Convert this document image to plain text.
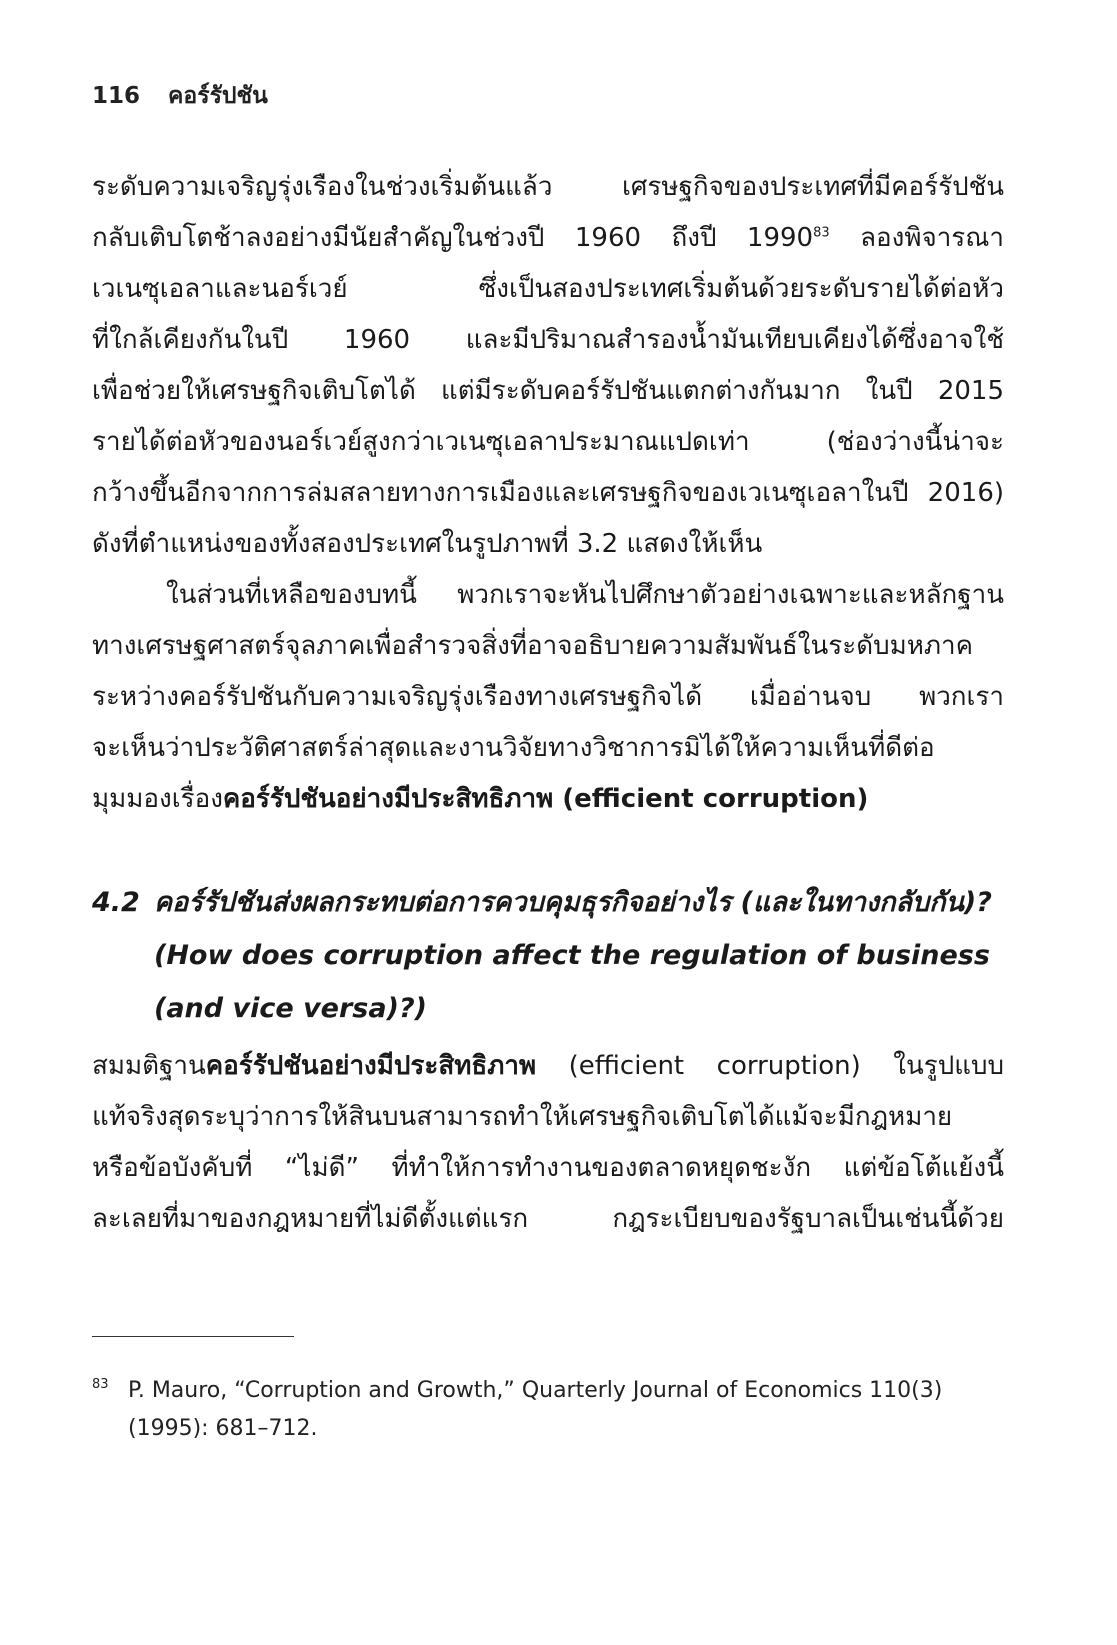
116 คอร์รัปชัน
ระดับความเจริญรุ่งเรืองในช่วงเริ่มต้นแล้ว เศรษฐกิจของประเทศที่มีคอร์รัปชัน
กลับเติบโตช้าลงอย่างมีนัยสำคัญในช่วงปี 1960 ถึงปี 1990$^{83}$ ลองพิจารณา
เวเนซุเอลาและนอร์เวย์ ซึ่งเป็นสองประเทศเริ่มต้นด้วยระดับรายได้ต่อหัว
ที่ใกล้เคียงกันในปี 1960 และมีปริมาณสำรองน้ำมันเทียบเคียงได้ซึ่งอาจใช้
เพื่อช่วยให้เศรษฐกิจเติบโตได้ แต่มีระดับคอร์รัปชันแตกต่างกันมาก ในปี 2015
รายได้ต่อหัวของนอร์เวย์สูงกว่าเวเนซุเอลาประมาณแปดเท่า (ช่องว่างนี้น่าจะ
กว้างขึ้นอีกจากการล่มสลายทางการเมืองและเศรษฐกิจของเวเนซุเอลาในปี 2016)
ดังที่ตำแหน่งของทั้งสองประเทศในรูปภาพที่ 3.2 แสดงให้เห็น
ในส่วนที่เหลือของบทนี้ พวกเราจะหันไปศึกษาตัวอย่างเฉพาะและหลักฐาน
ทางเศรษฐศาสตร์จุลภาคเพื่อสำรวจสิ่งที่อาจอธิบายความสัมพันธ์ในระดับมหภาค
ระหว่างคอร์รัปชันกับความเจริญรุ่งเรืองทางเศรษฐกิจได้ เมื่ออ่านจบ พวกเรา
จะเห็นว่าประวัติศาสตร์ล่าสุดและงานวิจัยทางวิชาการมิได้ให้ความเห็นที่ดีต่อ
มุมมองเรื่องคอร์รัปชันอย่างมีประสิทธิภาพ (efficient corruption)
4.2 คอร์รัปชันส่งผลกระทบต่อการควบคุมธุรกิจอย่างไร (และในทางกลับกัน)?
(How does corruption affect the regulation of business
(and vice versa)?)
สมมติฐานคอร์รัปชันอย่างมีประสิทธิภาพ (efficient corruption) ในรูปแบบ
แท้จริงสุดระบุว่าการให้สินบนสามารถทำให้เศรษฐกิจเติบโตได้แม้จะมีกฎหมาย
หรือข้อบังคับที่ “ไม่ดี” ที่ทำให้การทำงานของตลาดหยุดชะงัก แต่ข้อโต้แย้งนี้
ละเลยที่มาของกฎหมายที่ไม่ดีตั้งแต่แรก กฎระเบียบของรัฐบาลเป็นเช่นนี้ด้วย
83 P. Mauro, “Corruption and Growth,” Quarterly Journal of Economics 110(3)
(1995): 681–712.
